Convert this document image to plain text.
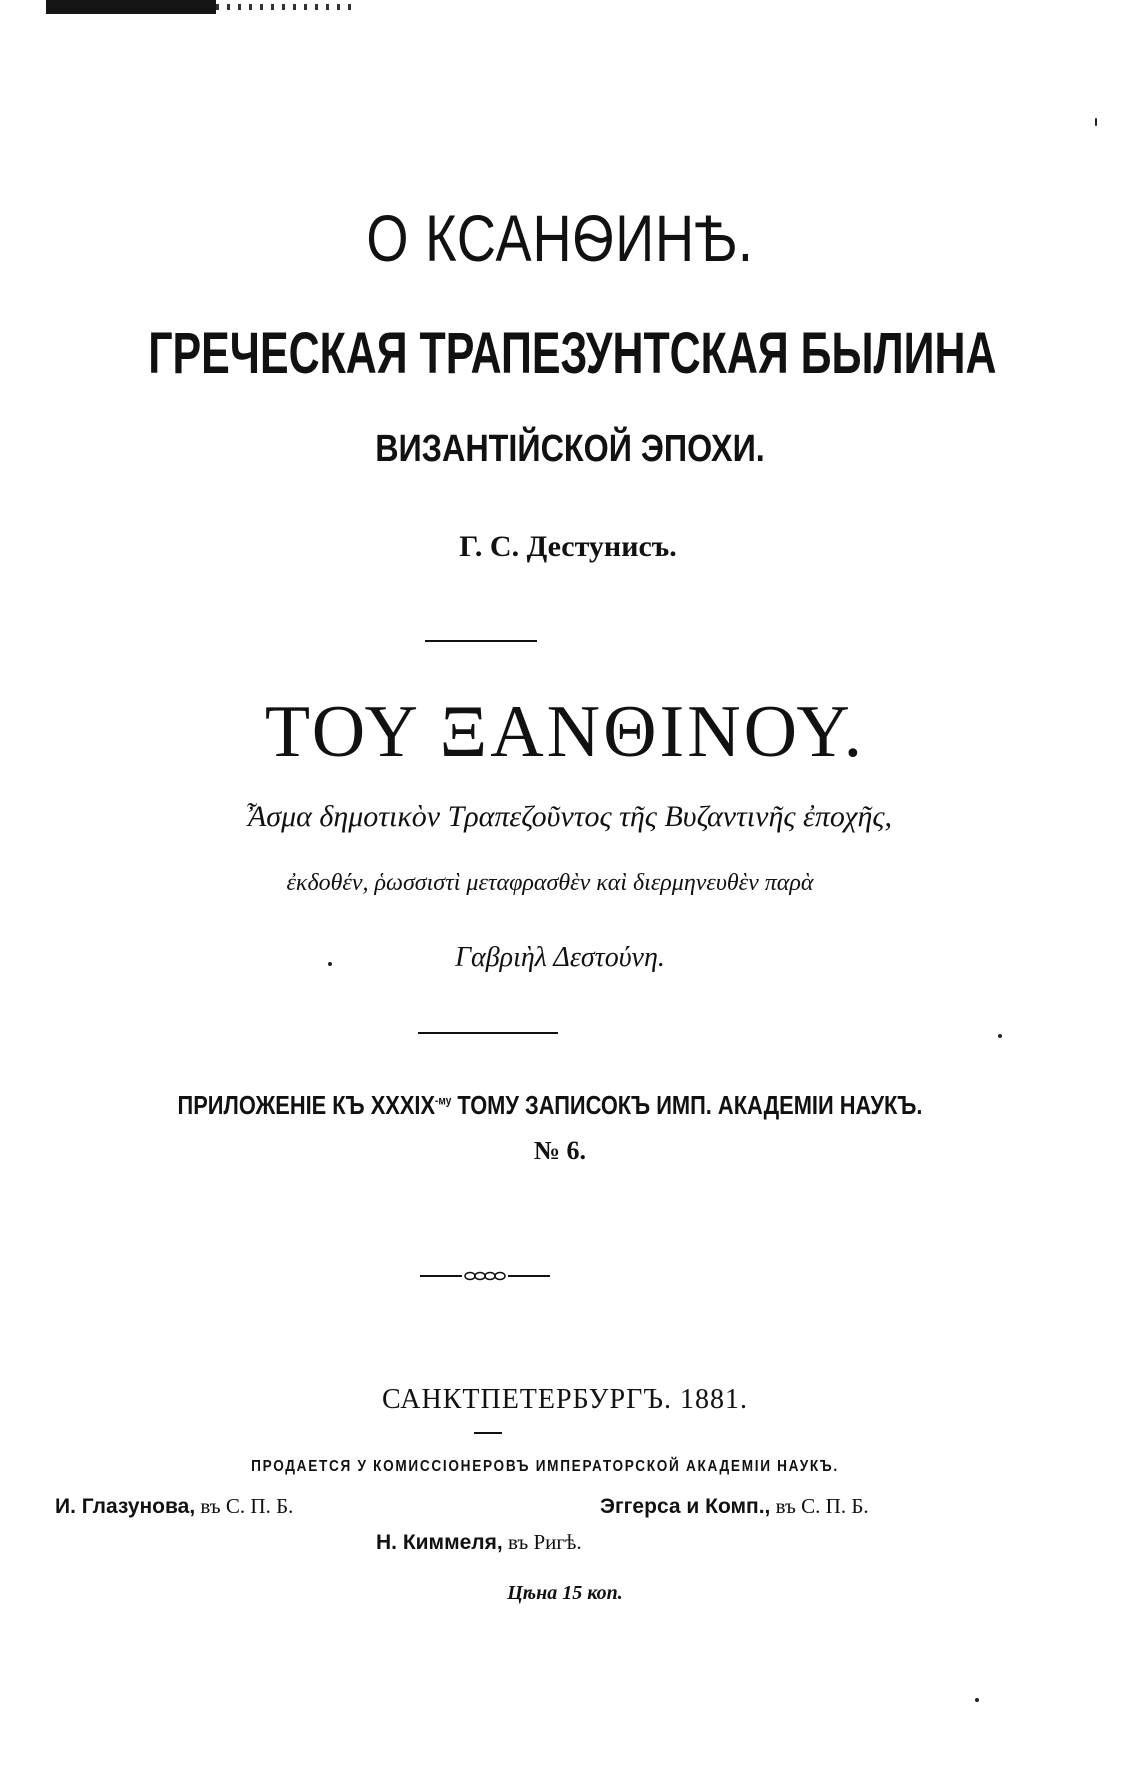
О КСАНѲИНѢ.
ГРЕЧЕСКАЯ ТРАПЕЗУНТСКАЯ БЫЛИНА
ВИЗАНТІЙСКОЙ ЭПОХИ.
Г. С. Дестунисъ.
ΤΟΥ ΞΑΝΘΙΝΟΥ.
Ἆσμα δημοτικὸν Τραπεζοῦντος τῆς Βυζαντινῆς ἐποχῆς,
ἐκδοθέν, ῥωσσιστὶ μεταφρασθὲν καὶ διερμηνευθὲν παρὰ
Γαβριὴλ Δεστούνη.
ПРИЛОЖЕНІЕ КЪ $XXXIX^{-му}$ ТОМУ ЗАПИСОКЪ ИМП. АКАДЕМІИ НАУКЪ.
№ 6.
САНКТПЕТЕРБУРГЪ. 1881.
ПРОДАЕТСЯ У КОМИССІОНЕРОВЪ ИМПЕРАТОРСКОЙ АКАДЕМІИ НАУКЪ.
И. Глазунова, въ С. П. Б.	Эггерса и Комп., въ С. П. Б.
Н. Киммеля, въ Ригѣ.
Цѣна 15 коп.
